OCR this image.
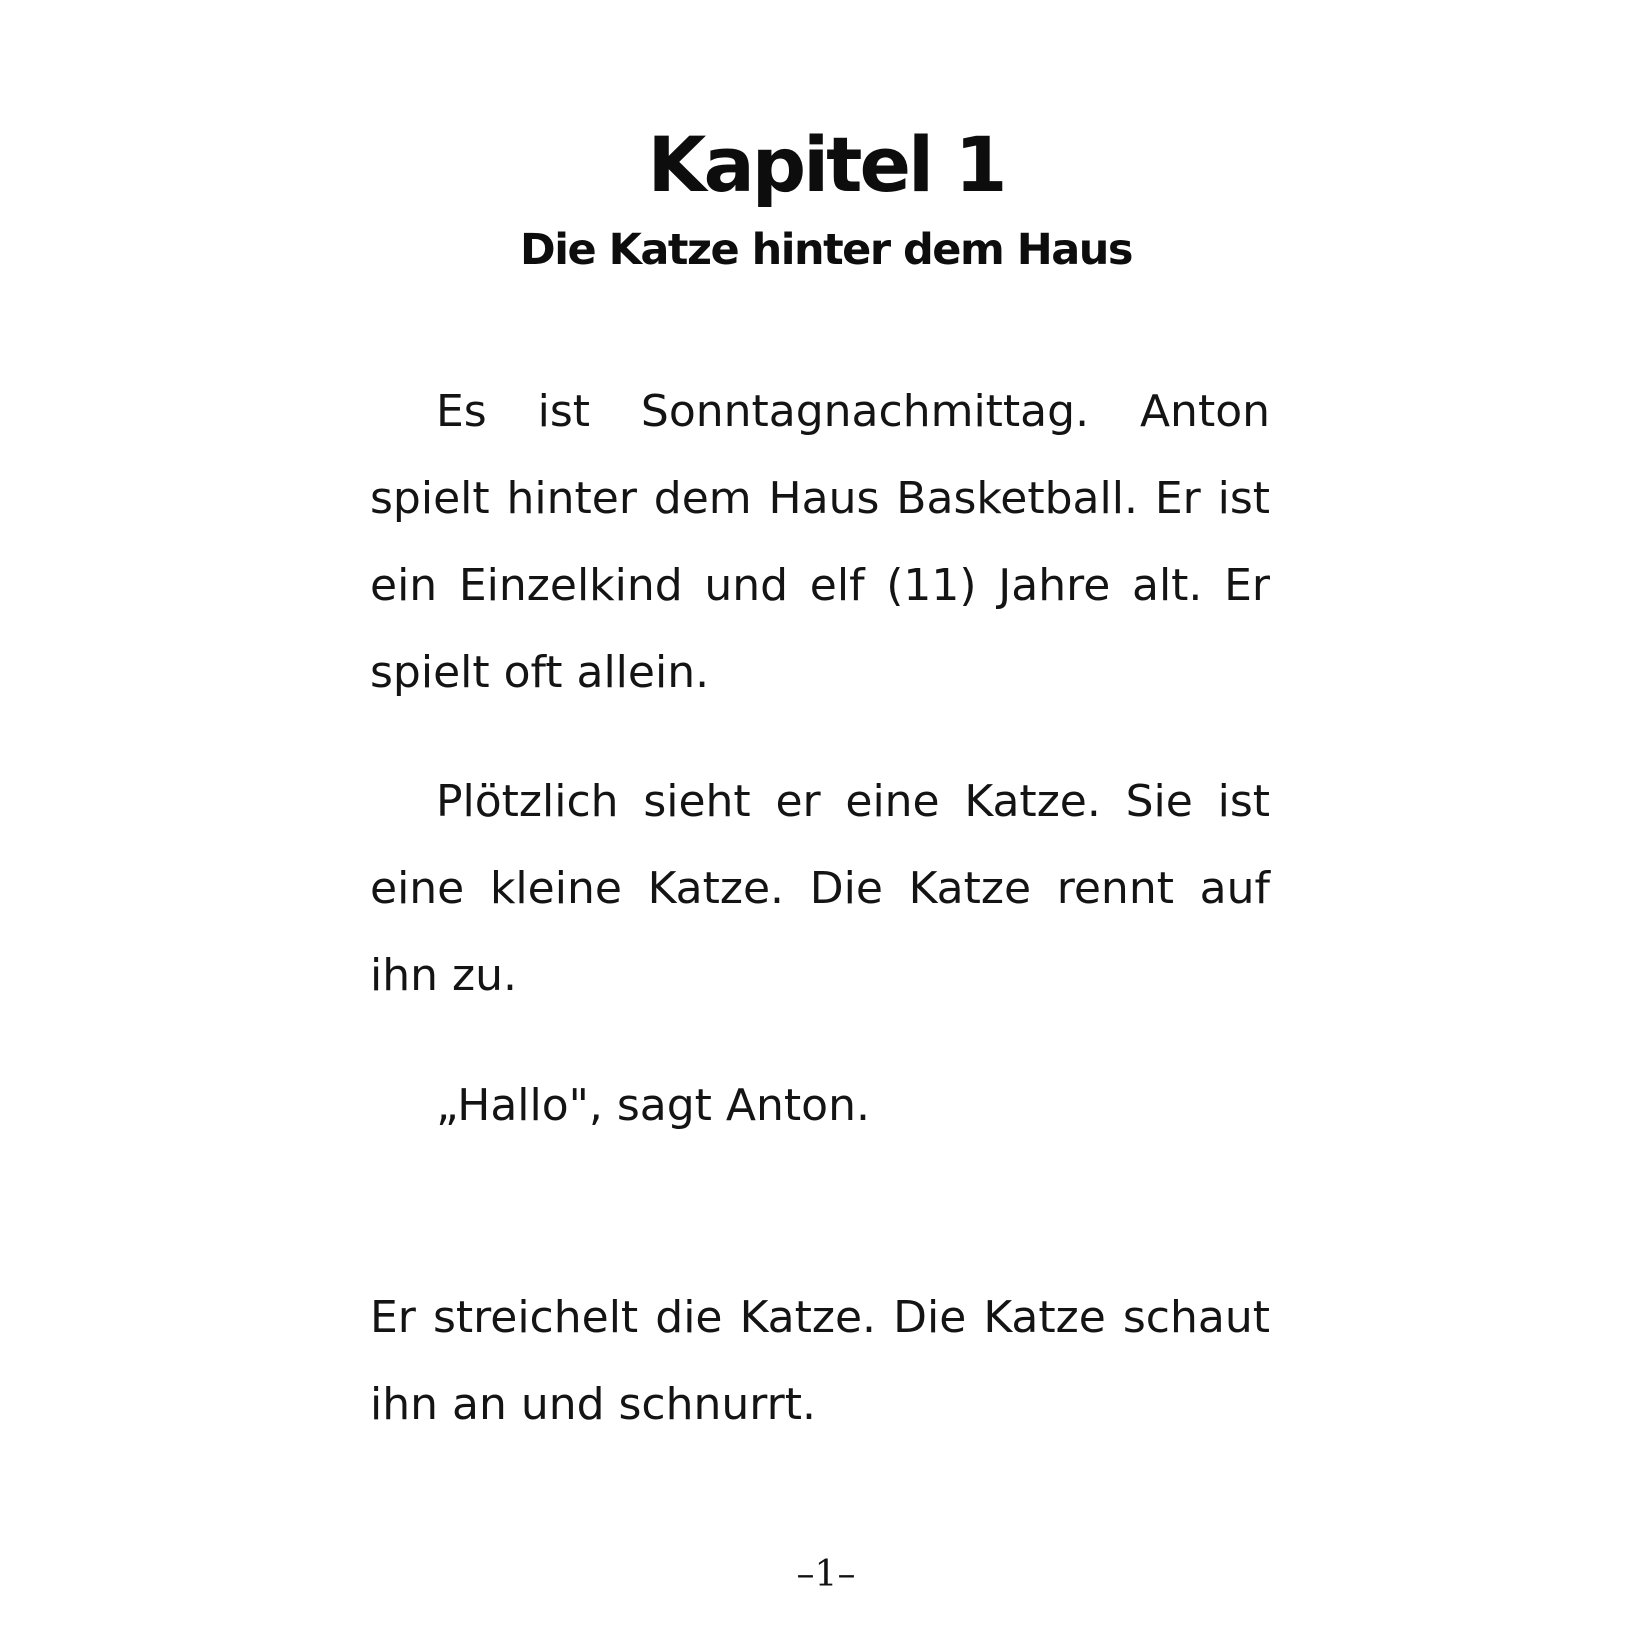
Kapitel 1
Die Katze hinter dem Haus

Es ist Sonntagnachmittag. Anton spielt hinter dem Haus Basketball. Er ist ein Einzelkind und elf (11) Jahre alt. Er spielt oft allein.

Plötzlich sieht er eine Katze. Sie ist eine kleine Katze. Die Katze rennt auf ihn zu.

„Hallo", sagt Anton.

Er streichelt die Katze. Die Katze schaut ihn an und schnurrt.

–1–
